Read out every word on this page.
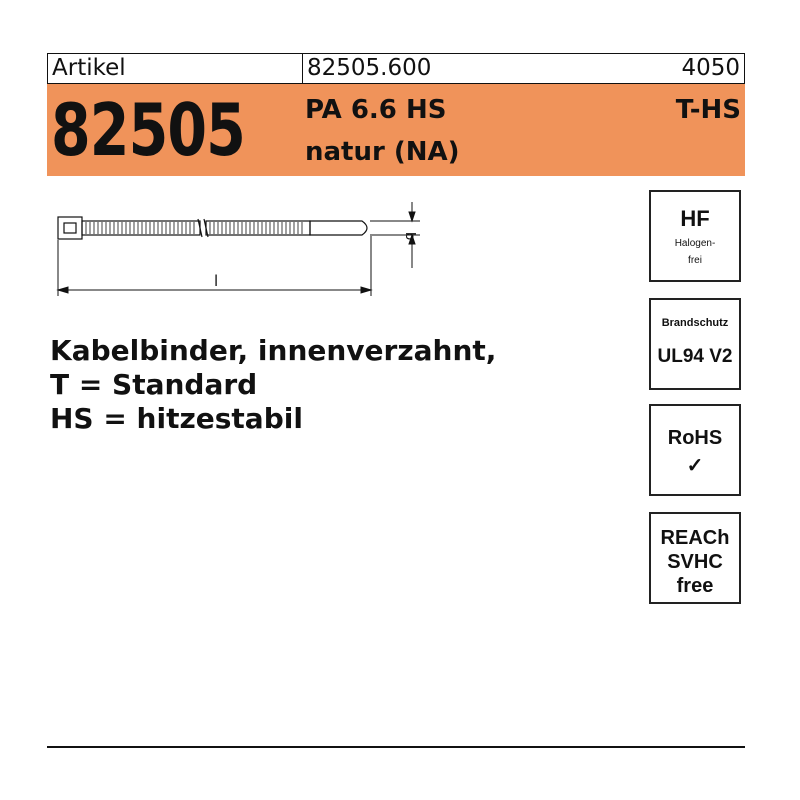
Artikel	82505.600	4050
82505 PA 6.6 HS
natur (NA)
T-HS
l
b
Kabelbinder, innenverzahnt,
T = Standard
HS = hitzestabil
HF
Halogen-
frei
Brandschutz
UL94 V2
RoHS
✓
REACh
SVHC
free
